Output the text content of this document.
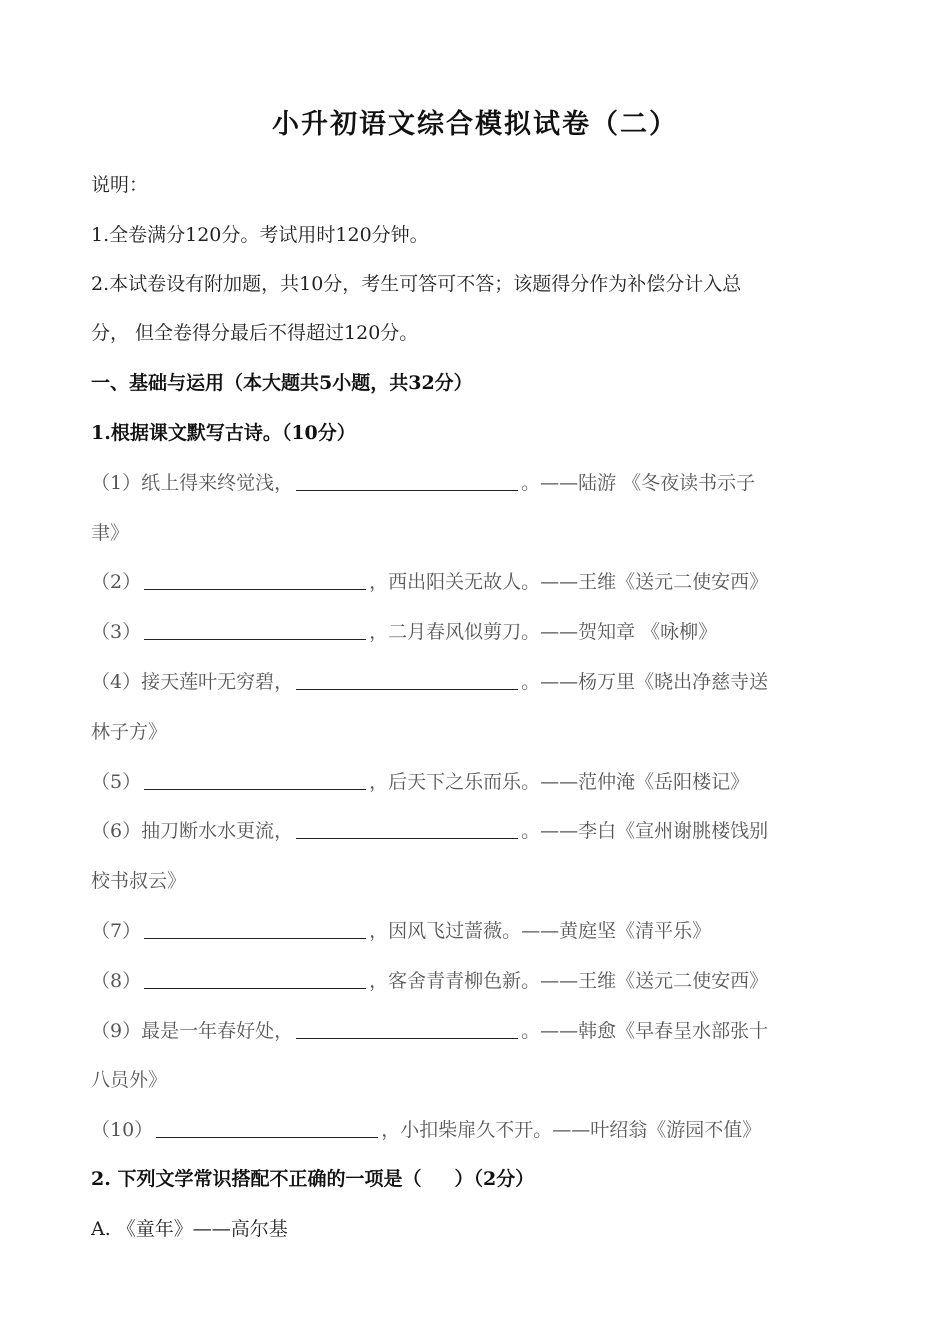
小升初语文综合模拟试卷（二）
说明：
1.全卷满分120分。考试用时120分钟。
2.本试卷设有附加题，共10分，考生可答可不答；该题得分作为补偿分计入总
分， 但全卷得分最后不得超过120分。
一、基础与运用（本大题共5小题，共32分）
1.根据课文默写古诗。（10分）
（1）纸上得来终觉浅，	。——陆游 《冬夜读书示子
聿》
（2）	，西出阳关无故人。——王维《送元二使安西》
（3）	，二月春风似剪刀。——贺知章 《咏柳》
（4）接天莲叶无穷碧，	。——杨万里《晓出净慈寺送
林子方》
（5）	，后天下之乐而乐。——范仲淹《岳阳楼记》
（6）抽刀断水水更流，	。——李白《宣州谢朓楼饯别
校书叔云》
（7）	，因风飞过蔷薇。——黄庭坚《清平乐》
（8）	，客舍青青柳色新。——王维《送元二使安西》
（9）最是一年春好处，	。——韩愈《早春呈水部张十
八员外》
（10）	，小扣柴扉久不开。——叶绍翁《游园不值》
2. 下列文学常识搭配不正确的一项是（     ）（2分）
A. 《童年》——高尔基
